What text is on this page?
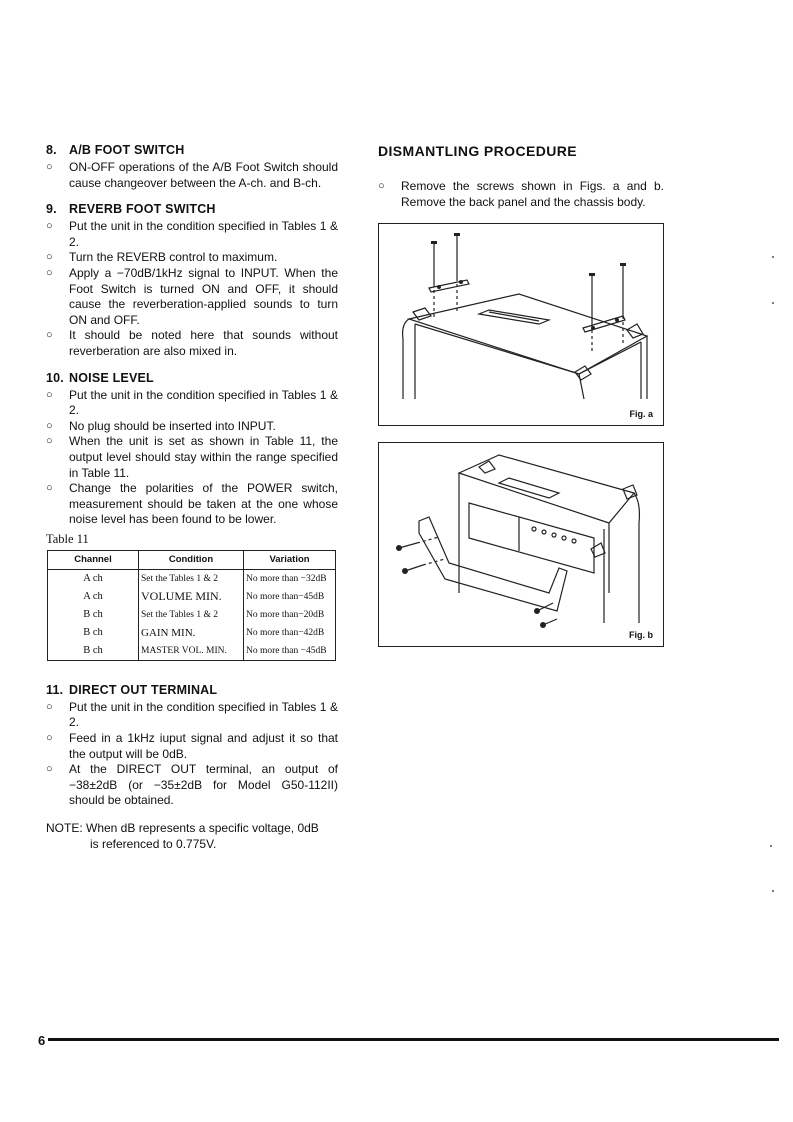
8. A/B FOOT SWITCH
○ ON-OFF operations of the A/B Foot Switch should cause changeover between the A-ch. and B-ch.
9. REVERB FOOT SWITCH
○ Put the unit in the condition specified in Tables 1 & 2.
○ Turn the REVERB control to maximum.
○ Apply a −70dB/1kHz signal to INPUT. When the Foot Switch is turned ON and OFF, it should cause the reverberation-applied sounds to turn ON and OFF.
○ It should be noted here that sounds without reverberation are also mixed in.
10. NOISE LEVEL
○ Put the unit in the condition specified in Tables 1 & 2.
○ No plug should be inserted into INPUT.
○ When the unit is set as shown in Table 11, the output level should stay within the range specified in Table 11.
○ Change the polarities of the POWER switch, measurement should be taken at the one whose noise level has been found to be lower.
Table 11
Channel	Condition	Variation
A ch	Set the Tables 1 & 2	No more than −32dB
A ch	VOLUME MIN.	No more than−45dB
B ch	Set the Tables 1 & 2	No more than−20dB
B ch	GAIN MIN.	No more than−42dB
B ch	MASTER VOL. MIN.	No more than −45dB
11. DIRECT OUT TERMINAL
○ Put the unit in the condition specified in Tables 1 & 2.
○ Feed in a 1kHz iuput signal and adjust it so that the output will be 0dB.
○ At the DIRECT OUT terminal, an output of −38±2dB (or −35±2dB for Model G50-112II) should be obtained.
NOTE: When dB represents a specific voltage, 0dB
is referenced to 0.775V.
DISMANTLING PROCEDURE
○ Remove the screws shown in Figs. a and b. Remove the back panel and the chassis body.
Fig. a
Fig. b
6
